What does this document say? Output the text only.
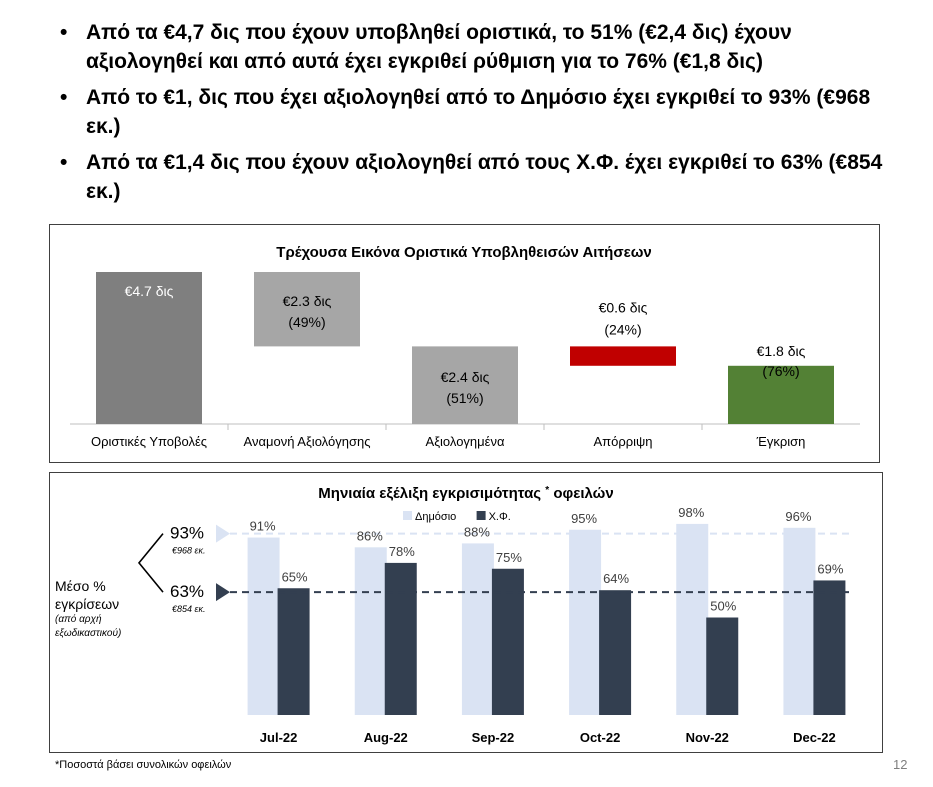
• Από τα €4,7 δις που έχουν υποβληθεί οριστικά, το 51% (€2,4 δις) έχουν αξιολογηθεί και από αυτά έχει εγκριθεί ρύθμιση για το 76% (€1,8 δις)
• Από το €1, δις που έχει αξιολογηθεί από το Δημόσιο έχει εγκριθεί το 93% (€968 εκ.)
• Από τα €1,4 δις που έχουν αξιολογηθεί από τους Χ.Φ. έχει εγκριθεί το 63% (€854 εκ.)
Τρέχουσα Εικόνα Οριστικά Υποβληθεισών Αιτήσεων
Οριστικές Υποβολές
€4.7 δις
Αναμονή Αξιολόγησης
€2.3 δις
(49%)
Αξιολογημένα
€2.4 δις
(51%)
Απόρριψη
€0.6 δις
(24%)
Έγκριση
€1.8 δις
(76%)
Μηνιαία εξέλιξη εγκρισιμότητας * οφειλών
Δημόσιο	Χ.Φ.
Jul-22	Aug-22	Sep-22	Oct-22	Nov-22	Dec-22
93%
€968 εκ.
63%
€854 εκ.
91%
65%
86%
78%
88%
75%
95%
64%
98%
50%
96%
69%
Μέσο %
εγκρίσεων
(από αρχή
εξωδικαστικού)
*Ποσοστά βάσει συνολικών οφειλών	12
